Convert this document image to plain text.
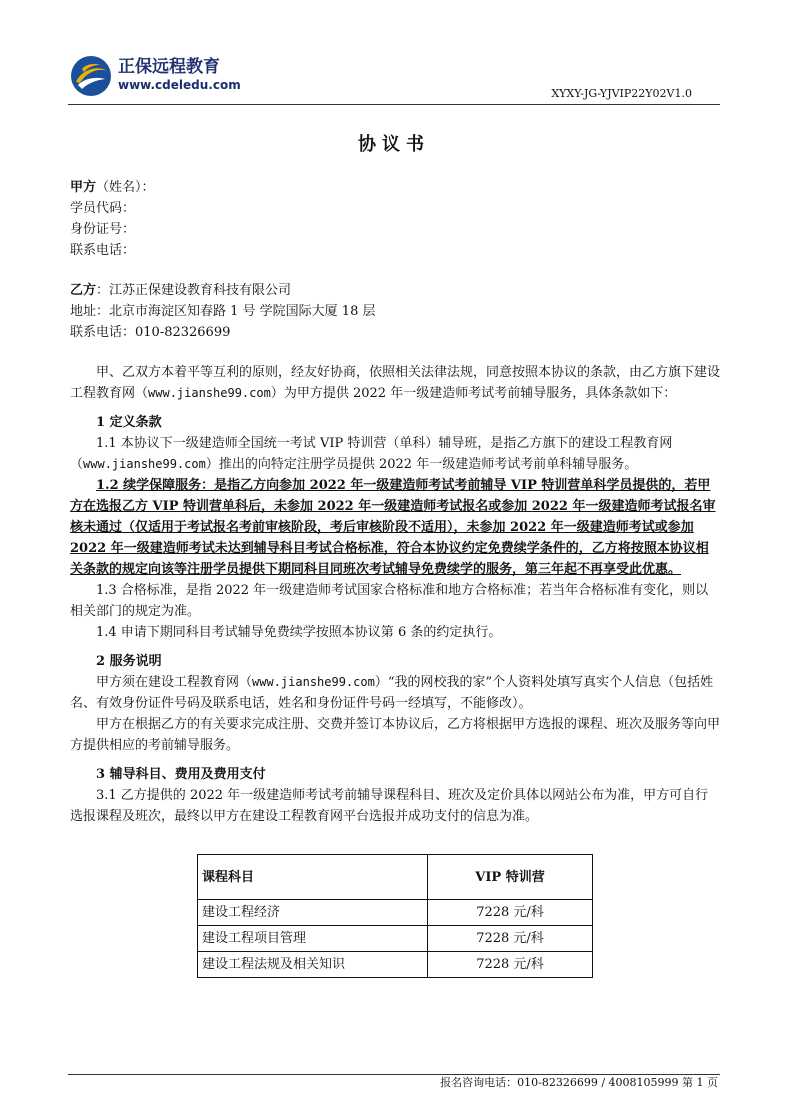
正保远程教育
www.cdeledu.com
XYXY-JG-YJVIP22Y02V1.0
协议书

甲方（姓名）：

学员代码：

身份证号：

联系电话：

乙方：江苏正保建设教育科技有限公司

地址：北京市海淀区知春路 1 号 学院国际大厦 18 层

联系电话：010-82326699

甲、乙双方本着平等互利的原则，经友好协商，依照相关法律法规，同意按照本协议的条款，由乙方旗下建设工程教育网（www.jianshe99.com）为甲方提供 2022 年一级建造师考试考前辅导服务，具体条款如下：

1 定义条款

1.1 本协议下一级建造师全国统一考试 VIP 特训营（单科）辅导班，是指乙方旗下的建设工程教育网（www.jianshe99.com）推出的向特定注册学员提供 2022 年一级建造师考试考前单科辅导服务。

1.2 续学保障服务：是指乙方向参加 2022 年一级建造师考试考前辅导 VIP 特训营单科学员提供的，若甲方在选报乙方 VIP 特训营单科后，未参加 2022 年一级建造师考试报名或参加 2022 年一级建造师考试报名审核未通过（仅适用于考试报名考前审核阶段，考后审核阶段不适用），未参加 2022 年一级建造师考试或参加 2022 年一级建造师考试未达到辅导科目考试合格标准，符合本协议约定免费续学条件的，乙方将按照本协议相关条款的规定向该等注册学员提供下期同科目同班次考试辅导免费续学的服务，第三年起不再享受此优惠。

1.3 合格标准，是指 2022 年一级建造师考试国家合格标准和地方合格标准；若当年合格标准有变化，则以相关部门的规定为准。

1.4 申请下期同科目考试辅导免费续学按照本协议第 6 条的约定执行。

2 服务说明

甲方须在建设工程教育网（www.jianshe99.com）“我的网校我的家”个人资料处填写真实个人信息（包括姓名、有效身份证件号码及联系电话，姓名和身份证件号码一经填写，不能修改）。

甲方在根据乙方的有关要求完成注册、交费并签订本协议后，乙方将根据甲方选报的课程、班次及服务等向甲方提供相应的考前辅导服务。

3 辅导科目、费用及费用支付

3.1 乙方提供的 2022 年一级建造师考试考前辅导课程科目、班次及定价具体以网站公布为准，甲方可自行选报课程及班次，最终以甲方在建设工程教育网平台选报并成功支付的信息为准。

课程科目	VIP 特训营
建设工程经济	7228 元/科
建设工程项目管理	7228 元/科
建设工程法规及相关知识	7228 元/科
报名咨询电话：010-82326699 / 4008105999 第 1 页
